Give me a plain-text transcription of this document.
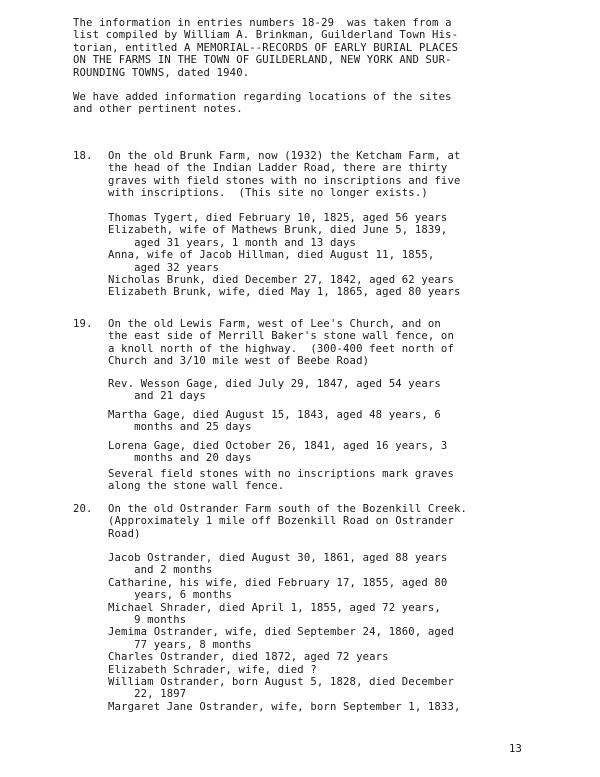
The information in entries numbers 18-29  was taken from a
list compiled by William A. Brinkman, Guilderland Town His-
torian, entitled A MEMORIAL--RECORDS OF EARLY BURIAL PLACES
ON THE FARMS IN THE TOWN OF GUILDERLAND, NEW YORK AND SUR-
ROUNDING TOWNS, dated 1940.

We have added information regarding locations of the sites
and other pertinent notes.

18. On the old Brunk Farm, now (1932) the Ketcham Farm, at
the head of the Indian Ladder Road, there are thirty
graves with field stones with no inscriptions and five
with inscriptions.  (This site no longer exists.)

Thomas Tygert, died February 10, 1825, aged 56 years

Elizabeth, wife of Mathews Brunk, died June 5, 1839,
aged 31 years, 1 month and 13 days

Anna, wife of Jacob Hillman, died August 11, 1855,
aged 32 years

Nicholas Brunk, died December 27, 1842, aged 62 years

Elizabeth Brunk, wife, died May 1, 1865, aged 80 years

19. On the old Lewis Farm, west of Lee's Church, and on
the east side of Merrill Baker's stone wall fence, on
a knoll north of the highway.  (300-400 feet north of
Church and 3/10 mile west of Beebe Road)

Rev. Wesson Gage, died July 29, 1847, aged 54 years
and 21 days

Martha Gage, died August 15, 1843, aged 48 years, 6
months and 25 days

Lorena Gage, died October 26, 1841, aged 16 years, 3
months and 20 days

Several field stones with no inscriptions mark graves
along the stone wall fence.
20. On the old Ostrander Farm south of the Bozenkill Creek.
(Approximately 1 mile off Bozenkill Road on Ostrander
Road)

Jacob Ostrander, died August 30, 1861, aged 88 years
and 2 months

Catharine, his wife, died February 17, 1855, aged 80
years, 6 months

Michael Shrader, died April 1, 1855, aged 72 years,
9 months

Jemima Ostrander, wife, died September 24, 1860, aged
77 years, 8 months

Charles Ostrander, died 1872, aged 72 years

Elizabeth Schrader, wife, died ?

William Ostrander, born August 5, 1828, died December
22, 1897

Margaret Jane Ostrander, wife, born September 1, 1833,

13
